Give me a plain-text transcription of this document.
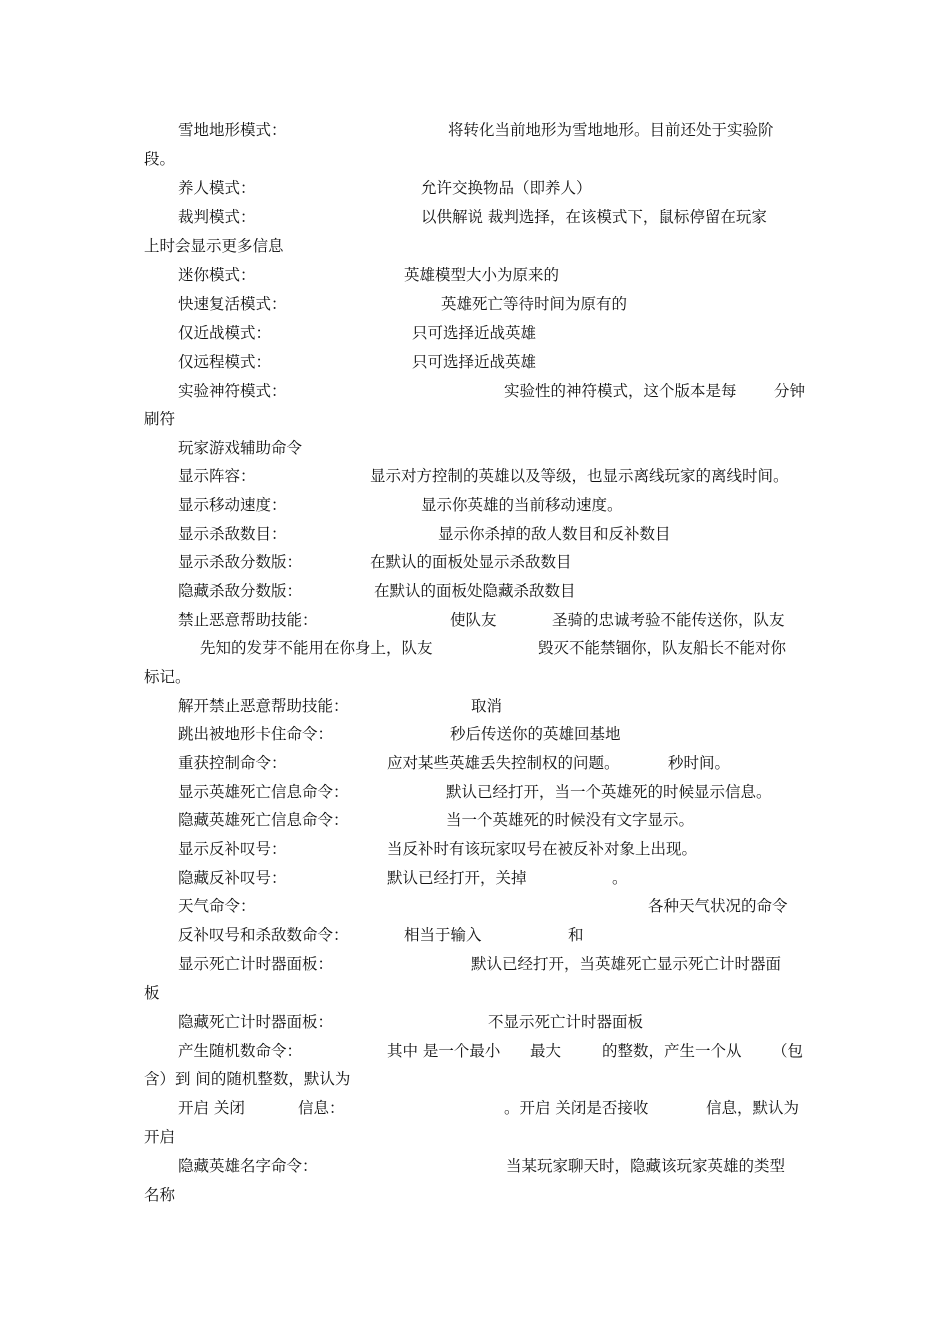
雪地地形模式：	将转化当前地形为雪地地形。目前还处于实验阶
段。
养人模式：	允许交换物品（即养人）
裁判模式：	以供解说 裁判选择，在该模式下，鼠标停留在玩家
上时会显示更多信息
迷你模式：	英雄模型大小为原来的
快速复活模式：	英雄死亡等待时间为原有的
仅近战模式：	只可选择近战英雄
仅远程模式：	只可选择近战英雄
实验神符模式：	实验性的神符模式，这个版本是每 分钟
刷符
玩家游戏辅助命令
显示阵容：	显示对方控制的英雄以及等级，也显示离线玩家的离线时间。
显示移动速度：	显示你英雄的当前移动速度。
显示杀敌数目：	显示你杀掉的敌人数目和反补数目
显示杀敌分数版：	在默认的面板处显示杀敌数目
隐藏杀敌分数版：	在默认的面板处隐藏杀敌数目
禁止恶意帮助技能：	使队友	圣骑的忠诚考验不能传送你，队友
先知的发芽不能用在你身上，队友	毁灭不能禁锢你，队友船长不能对你
标记。
解开禁止恶意帮助技能：	取消
跳出被地形卡住命令：	秒后传送你的英雄回基地
重获控制命令：	应对某些英雄丢失控制权的问题。	秒时间。
显示英雄死亡信息命令：	默认已经打开，当一个英雄死的时候显示信息。
隐藏英雄死亡信息命令：	当一个英雄死的时候没有文字显示。
显示反补叹号：	当反补时有该玩家叹号在被反补对象上出现。
隐藏反补叹号：	默认已经打开，关掉	。
天气命令：	各种天气状况的命令
反补叹号和杀敌数命令：	相当于输入	和
显示死亡计时器面板：	默认已经打开，当英雄死亡显示死亡计时器面
板
隐藏死亡计时器面板：	不显示死亡计时器面板
产生随机数命令：	其中 是一个最小 最大	的整数，产生一个从 （包
含）到 间的随机整数，默认为
开启 关闭	信息：	。开启 关闭是否接收	信息，默认为
开启
隐藏英雄名字命令：	当某玩家聊天时，隐藏该玩家英雄的类型
名称
